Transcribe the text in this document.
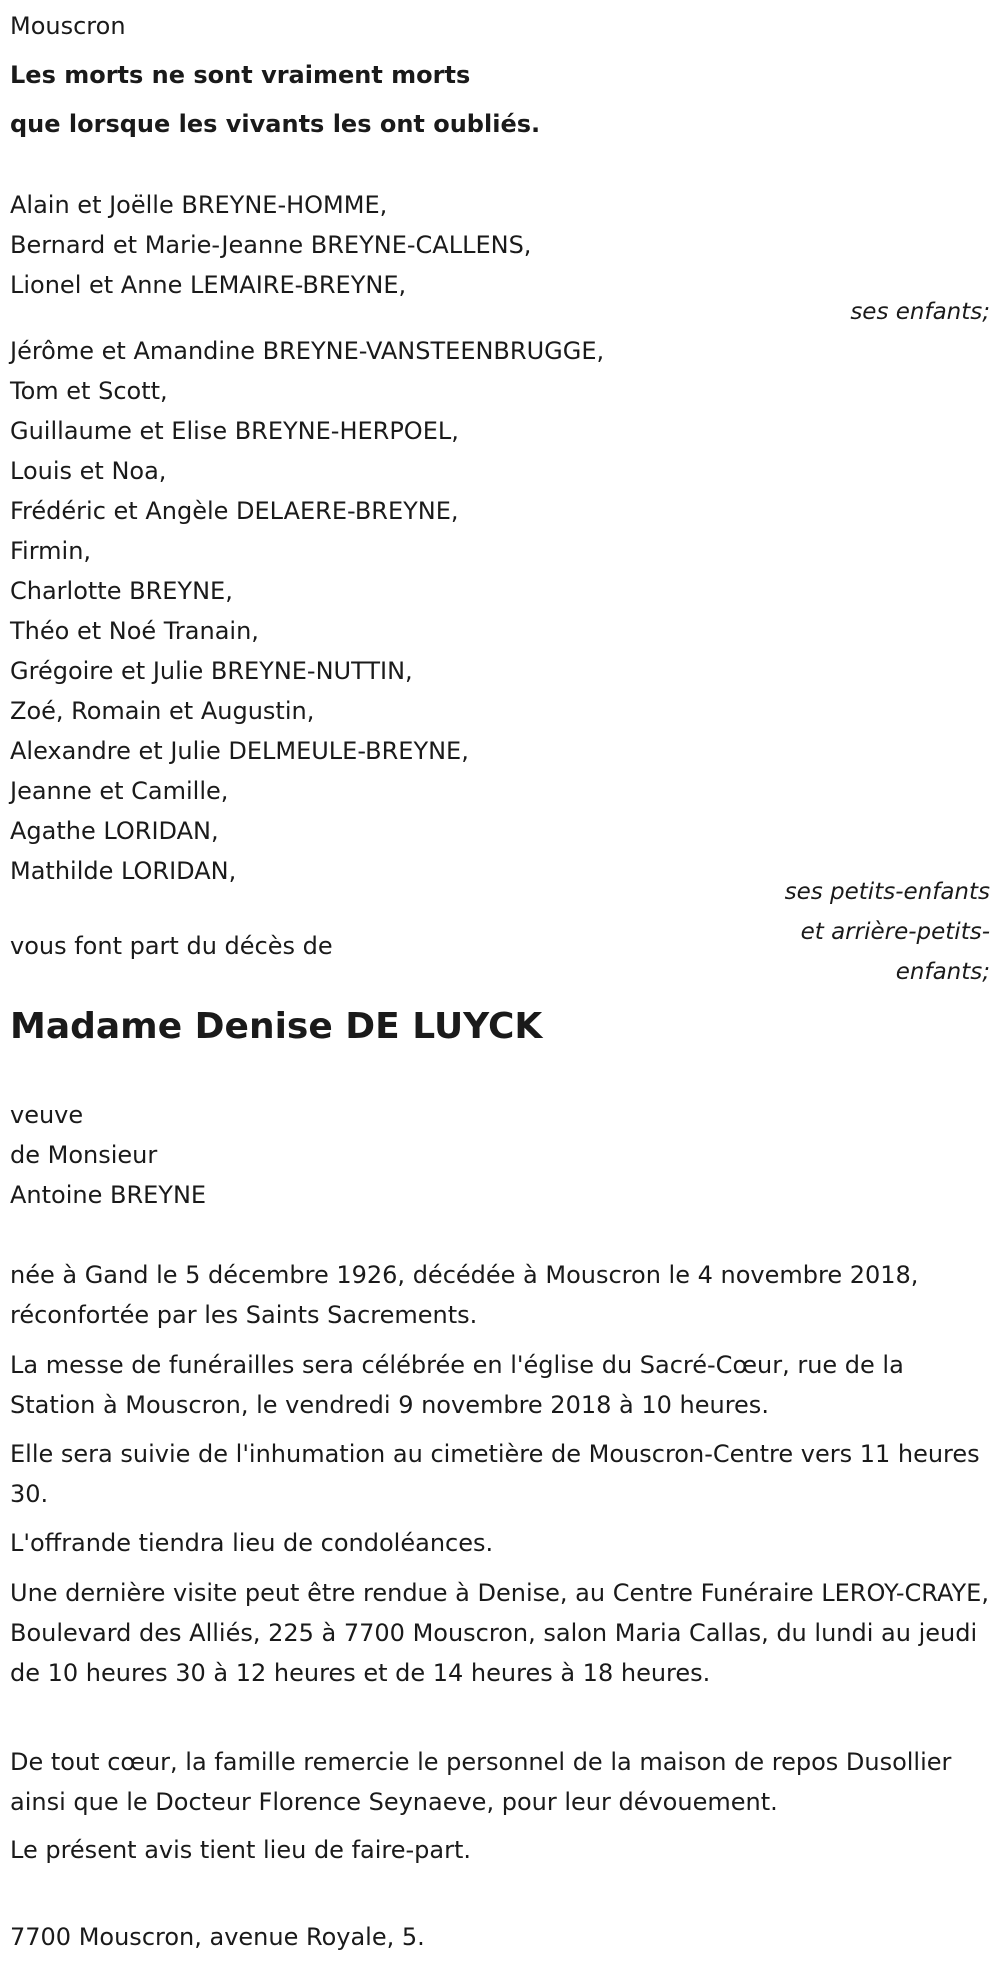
Mouscron
Les morts ne sont vraiment morts
que lorsque les vivants les ont oubliés.
Alain et Joëlle BREYNE-HOMME,
Bernard et Marie-Jeanne BREYNE-CALLENS,
Lionel et Anne LEMAIRE-BREYNE,
ses enfants;
Jérôme et Amandine BREYNE-VANSTEENBRUGGE,
Tom et Scott,
Guillaume et Elise BREYNE-HERPOEL,
Louis et Noa,
Frédéric et Angèle DELAERE-BREYNE,
Firmin,
Charlotte BREYNE,
Théo et Noé Tranain,
Grégoire et Julie BREYNE-NUTTIN,
Zoé, Romain et Augustin,
Alexandre et Julie DELMEULE-BREYNE,
Jeanne et Camille,
Agathe LORIDAN,
Mathilde LORIDAN,
ses petits-enfants
et arrière-petits-
enfants;
vous font part du décès de
Madame Denise DE LUYCK
veuve
de Monsieur
Antoine BREYNE
née à Gand le 5 décembre 1926, décédée à Mouscron le 4 novembre 2018, réconfortée par les Saints Sacrements.
La messe de funérailles sera célébrée en l'église du Sacré-Cœur, rue de la Station à Mouscron, le vendredi 9 novembre 2018 à 10 heures.
Elle sera suivie de l'inhumation au cimetière de Mouscron-Centre vers 11 heures 30.
L'offrande tiendra lieu de condoléances.
Une dernière visite peut être rendue à Denise, au Centre Funéraire LEROY-CRAYE, Boulevard des Alliés, 225 à 7700 Mouscron, salon Maria Callas, du lundi au jeudi de 10 heures 30 à 12 heures et de 14 heures à 18 heures.
De tout cœur, la famille remercie le personnel de la maison de repos Dusollier ainsi que le Docteur Florence Seynaeve, pour leur dévouement.
Le présent avis tient lieu de faire-part.
7700 Mouscron, avenue Royale, 5.
